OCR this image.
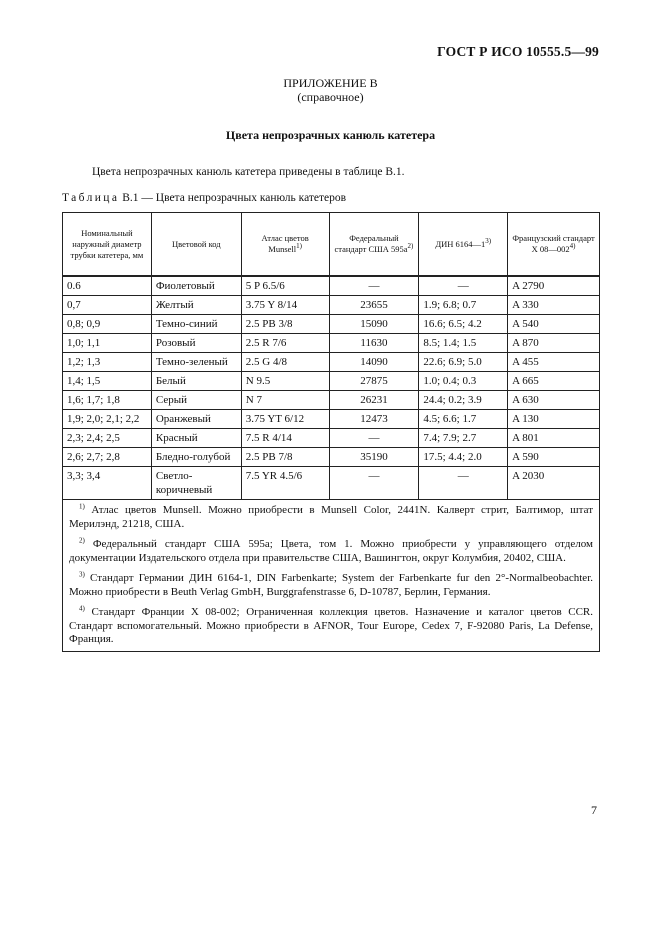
ГОСТ Р ИСО 10555.5—99
ПРИЛОЖЕНИЕ В
(справочное)
Цвета непрозрачных канюль катетера
Цвета непрозрачных канюль катетера приведены в таблице В.1.
Таблица В.1 — Цвета непрозрачных канюль катетеров
Номинальный наружный диаметр трубки катетера, мм	Цветовой код	Атлас цветов Munsell$^{1)}$	Федеральный стандарт США $595а^{2)}$	ДИН 6164—1$^{3)}$	Французский стандарт X 08—002$^{4)}$
0.6	Фиолетовый	5 P 6.5/6	—	—	A 2790
0,7	Желтый	3.75 Y 8/14	23655	1.9; 6.8; 0.7	A 330
0,8; 0,9	Темно-синий	2.5 PB 3/8	15090	16.6; 6.5; 4.2	A 540
1,0; 1,1	Розовый	2.5 R 7/6	11630	8.5; 1.4; 1.5	A 870
1,2; 1,3	Темно-зеленый	2.5 G 4/8	14090	22.6; 6.9; 5.0	A 455
1,4; 1,5	Белый	N 9.5	27875	1.0; 0.4; 0.3	A 665
1,6; 1,7; 1,8	Серый	N 7	26231	24.4; 0.2; 3.9	A 630
1,9; 2,0; 2,1; 2,2	Оранжевый	3.75 YT 6/12	12473	4.5; 6.6; 1.7	A 130
2,3; 2,4; 2,5	Красный	7.5 R 4/14	—	7.4; 7.9; 2.7	A 801
2,6; 2,7; 2,8	Бледно-голубой	2.5 PB 7/8	35190	17.5; 4.4; 2.0	A 590
3,3; 3,4	Светло-коричневый	7.5 YR 4.5/6	—	—	A 2030

$^{1)}$ Атлас цветов Munsell. Можно приобрести в Munsell Color, 2441N. Калверт стрит, Балтимор, штат Мерилэнд, 21218, США.

$^{2)}$ Федеральный стандарт США 595а; Цвета, том 1. Можно приобрести у управляющего отделом документации Издательского отдела при правительстве США, Вашингтон, округ Колумбия, 20402, США.

$^{3)}$ Стандарт Германии ДИН 6164-1, DIN Farbenkarte; System der Farbenkarte fur den 2°-Normalbeobachter. Можно приобрести в Beuth Verlag GmbH, Burggrafenstrasse 6, D-10787, Берлин, Германия.

$^{4)}$ Стандарт Франции X 08-002; Ограниченная коллекция цветов. Назначение и каталог цветов CCR. Стандарт вспомогательный. Можно приобрести в AFNOR, Tour Europe, Cedex 7, F-92080 Paris, La Defense, Франция.					

7
